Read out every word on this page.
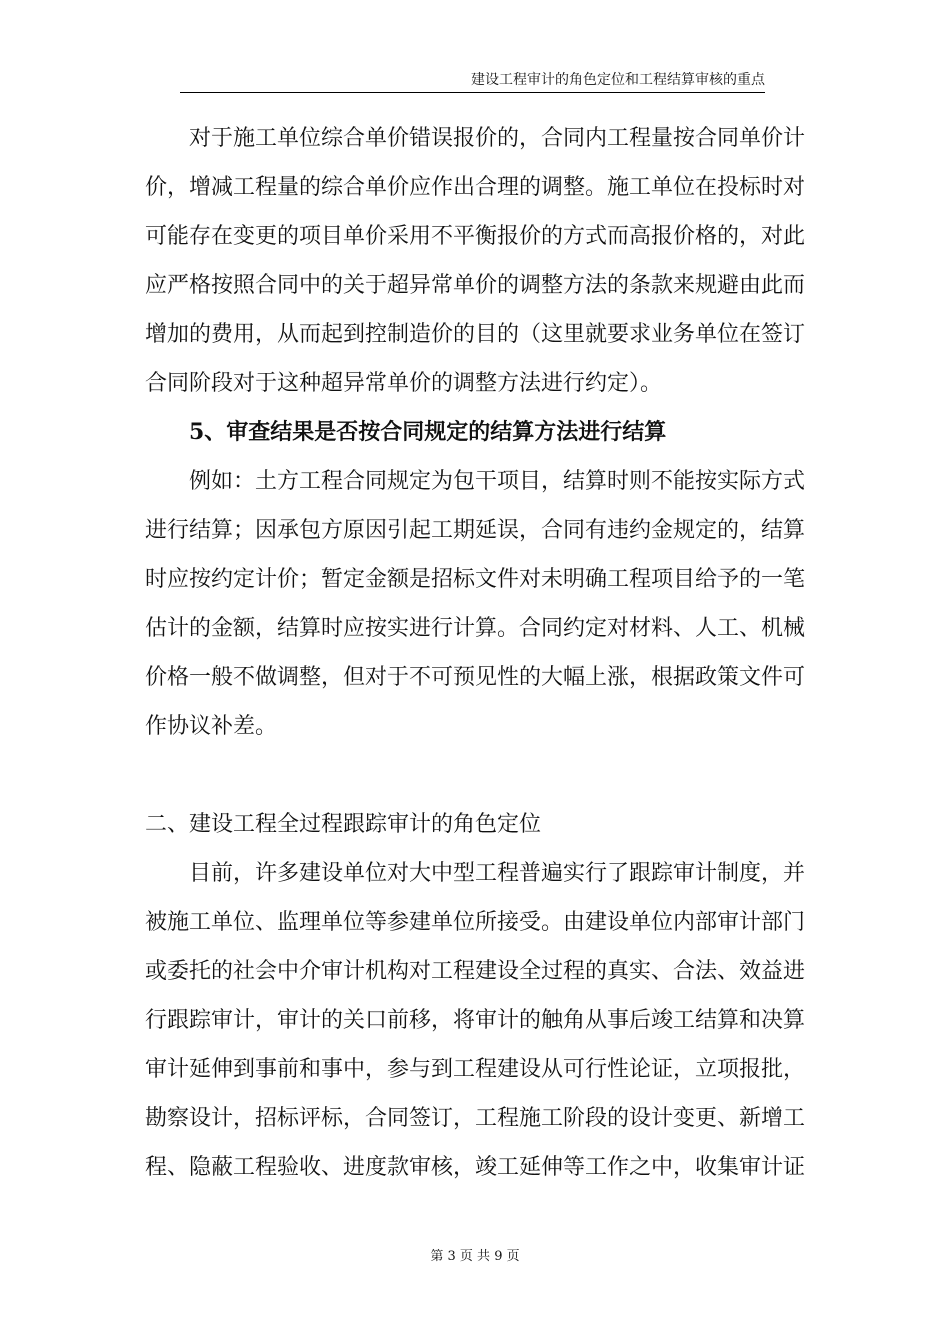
建设工程审计的角色定位和工程结算审核的重点

对于施工单位综合单价错误报价的，合同内工程量按合同单价计价，增减工程量的综合单价应作出合理的调整。施工单位在投标时对可能存在变更的项目单价采用不平衡报价的方式而高报价格的，对此应严格按照合同中的关于超异常单价的调整方法的条款来规避由此而增加的费用，从而起到控制造价的目的（这里就要求业务单位在签订合同阶段对于这种超异常单价的调整方法进行约定）。

5、审查结果是否按合同规定的结算方法进行结算

例如：土方工程合同规定为包干项目，结算时则不能按实际方式进行结算；因承包方原因引起工期延误，合同有违约金规定的，结算时应按约定计价；暂定金额是招标文件对未明确工程项目给予的一笔估计的金额，结算时应按实进行计算。合同约定对材料、人工、机械价格一般不做调整，但对于不可预见性的大幅上涨，根据政策文件可作协议补差。

二、建设工程全过程跟踪审计的角色定位

目前，许多建设单位对大中型工程普遍实行了跟踪审计制度，并被施工单位、监理单位等参建单位所接受。由建设单位内部审计部门或委托的社会中介审计机构对工程建设全过程的真实、合法、效益进行跟踪审计，审计的关口前移，将审计的触角从事后竣工结算和决算审计延伸到事前和事中，参与到工程建设从可行性论证，立项报批，勘察设计，招标评标，合同签订，工程施工阶段的设计变更、新增工程、隐蔽工程验收、进度款审核，竣工延伸等工作之中，收集审计证

第 3 页 共 9 页
